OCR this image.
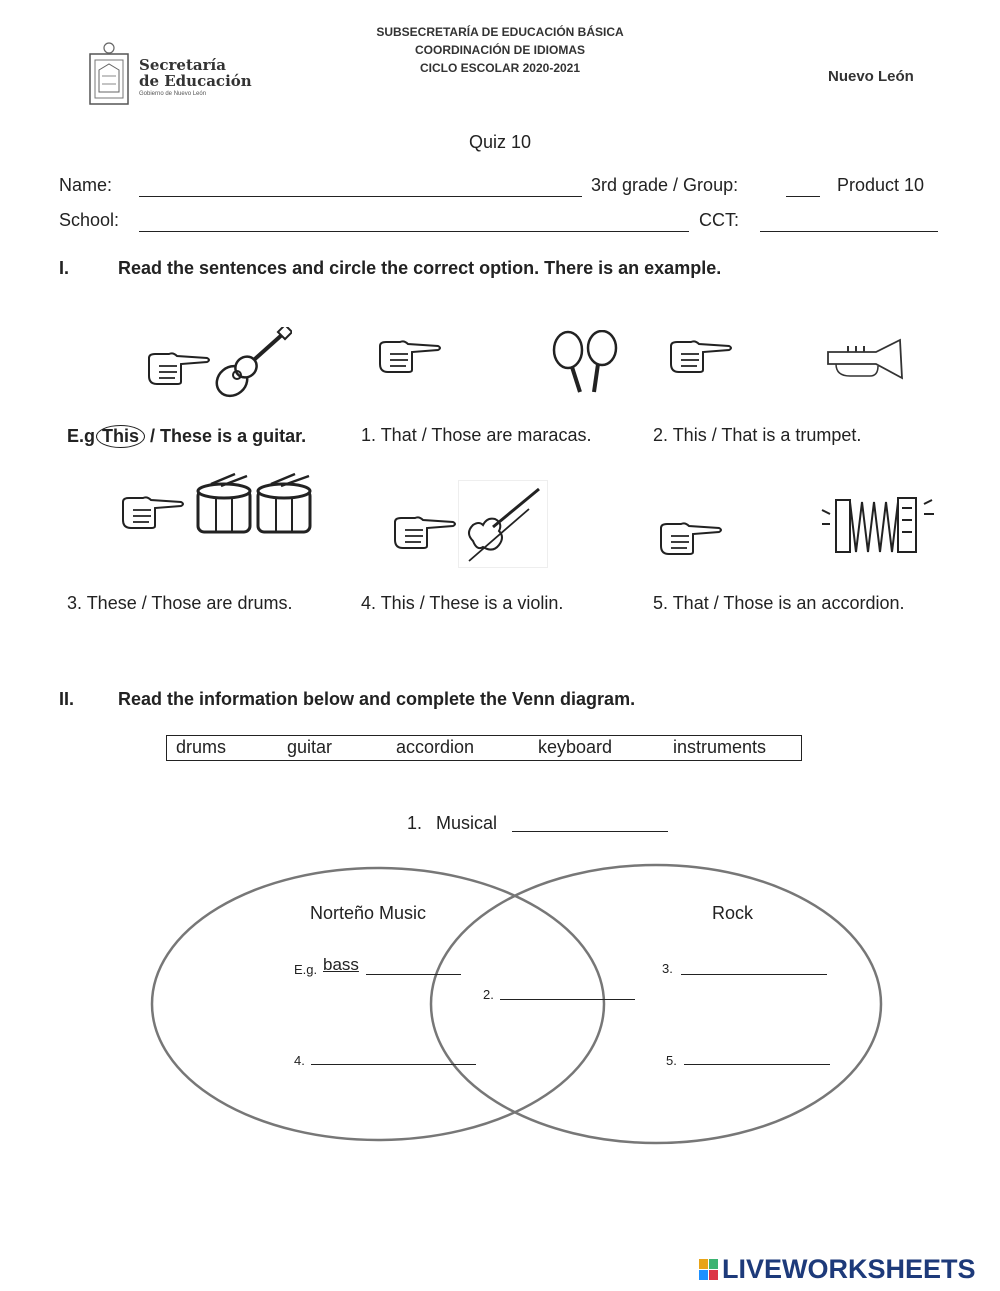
SUBSECRETARÍA DE EDUCACIÓN BÁSICA
COORDINACIÓN DE IDIOMAS
CICLO ESCOLAR 2020-2021
Secretaría
de Educación
Gobierno de Nuevo León
Nuevo León
Quiz 10
Name:	3rd grade / Group:	Product 10
School:	CCT:
I.	Read the sentences and circle the correct option. There is an example.
E.g This / These is a guitar.	1. That / Those are maracas.	2. This / That is a trumpet.
3. These / Those are drums.	4. This / These is a violin.	5. That / Those is an accordion.
II. Read the information below and complete the Venn diagram.
drums	guitar	accordion	keyboard	instruments
1. Musical
Norteño Music	Rock
E.g. bass
2.
3.
4.	5.
LIVEWORKSHEETS
